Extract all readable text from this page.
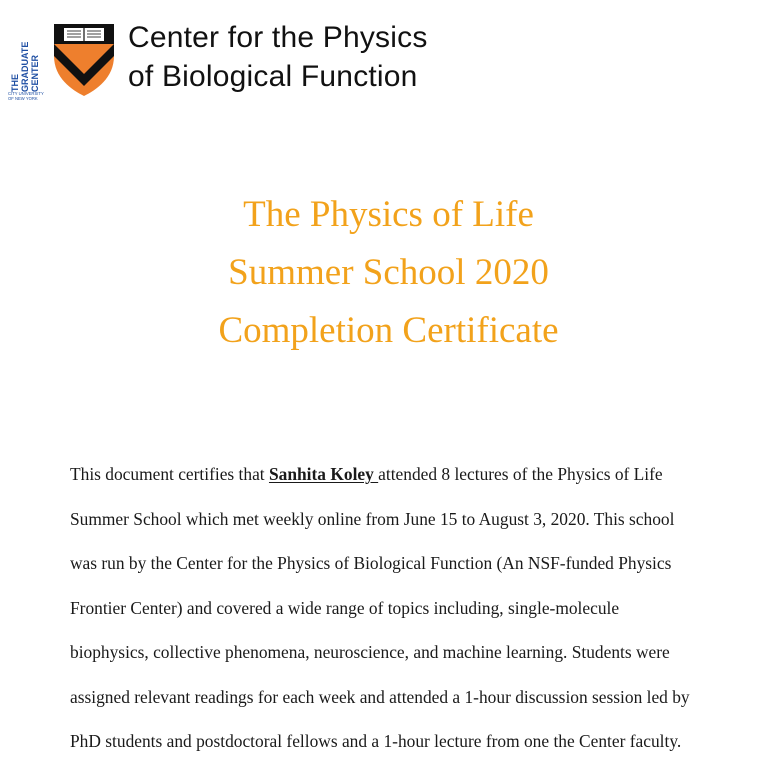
THE GRADUATE CENTER
CITY UNIVERSITY
OF NEW YORK
Center for the Physics
of Biological Function
The Physics of Life
Summer School 2020
Completion Certificate
This document certifies that Sanhita Koley attended 8 lectures of the Physics of Life
Summer School which met weekly online from June 15 to August 3, 2020. This school
was run by the Center for the Physics of Biological Function (An NSF-funded Physics
Frontier Center) and covered a wide range of topics including, single-molecule
biophysics, collective phenomena, neuroscience, and machine learning. Students were
assigned relevant readings for each week and attended a 1-hour discussion session led by
PhD students and postdoctoral fellows and a 1-hour lecture from one the Center faculty.
